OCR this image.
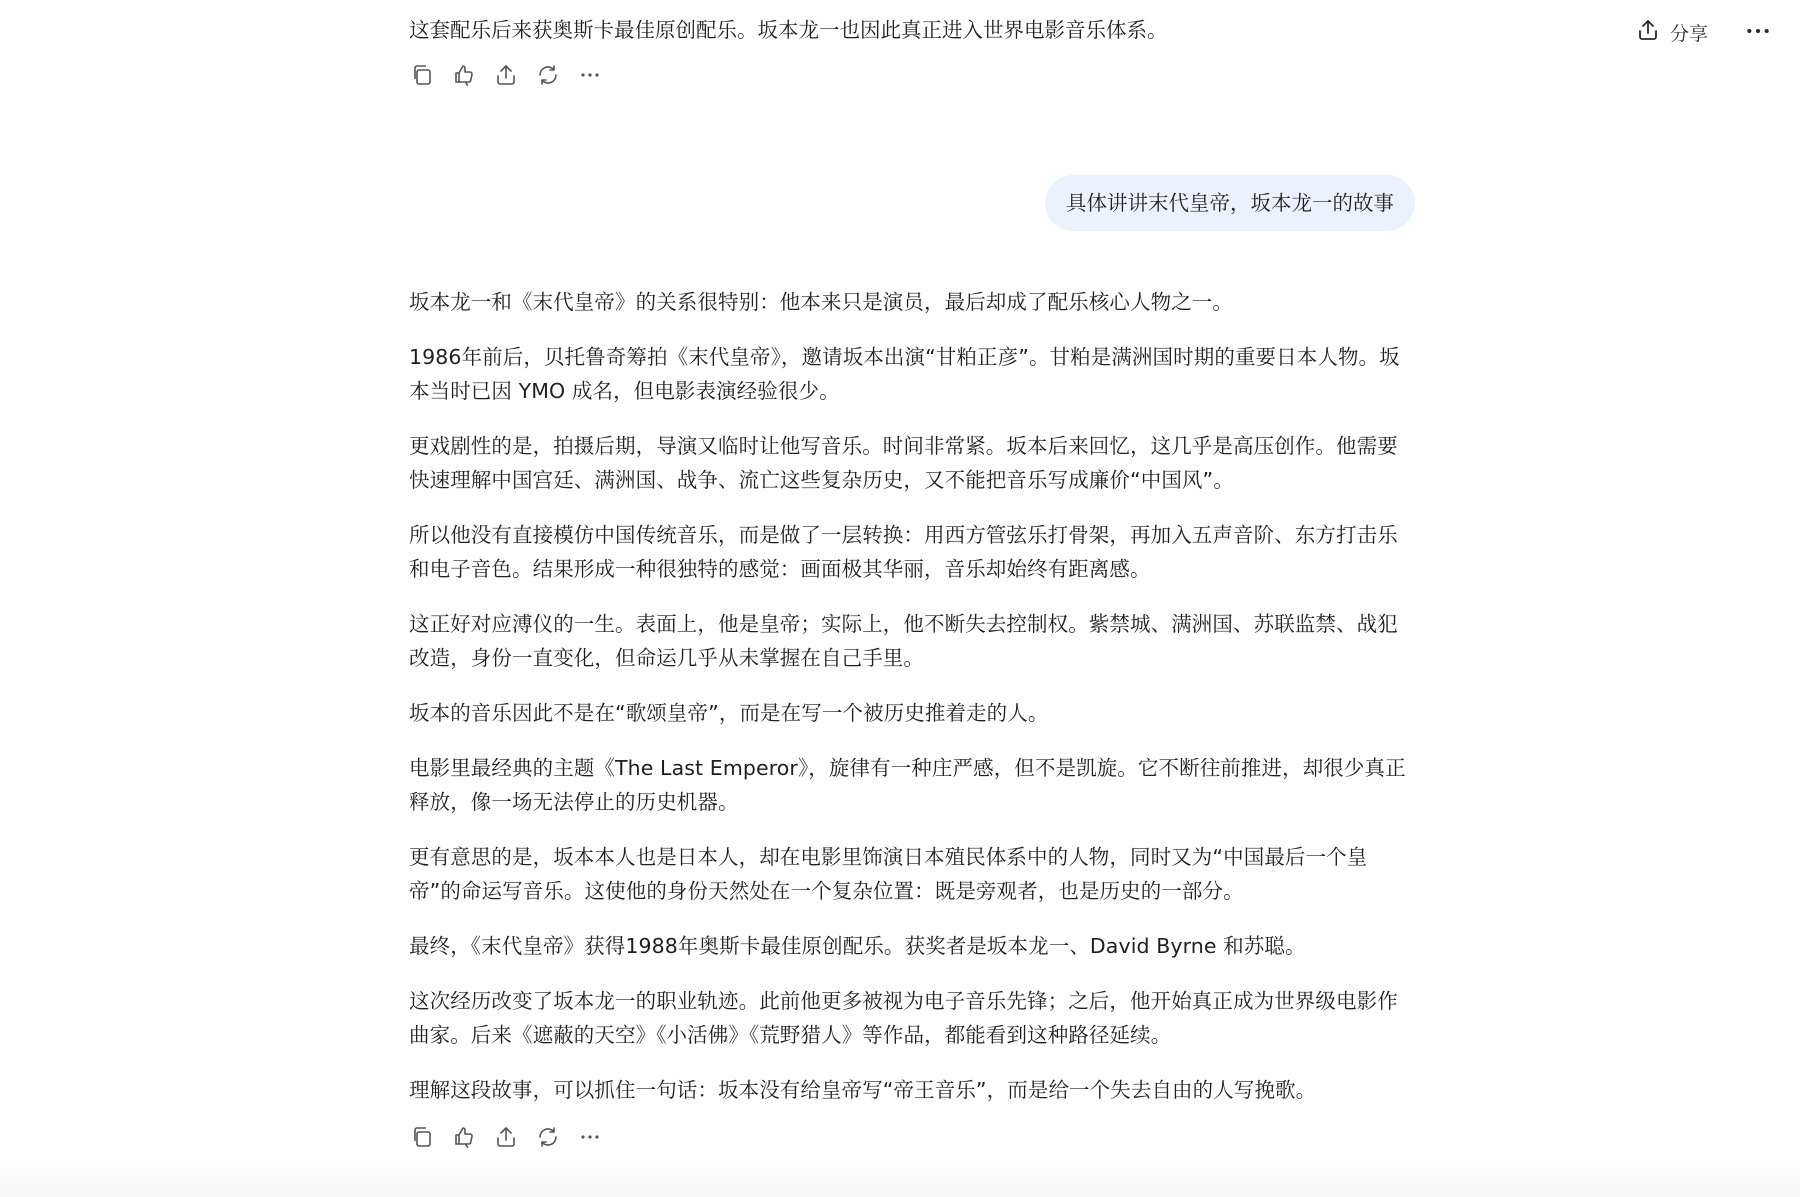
分享
这套配乐后来获奥斯卡最佳原创配乐。坂本龙一也因此真正进入世界电影音乐体系。
具体讲讲末代皇帝，坂本龙一的故事

坂本龙一和《末代皇帝》的关系很特别：他本来只是演员，最后却成了配乐核心人物之一。

1986年前后，贝托鲁奇筹拍《末代皇帝》，邀请坂本出演“甘粕正彦”。甘粕是满洲国时期的重要日本人物。坂本当时已因 YMO 成名，但电影表演经验很少。

更戏剧性的是，拍摄后期，导演又临时让他写音乐。时间非常紧。坂本后来回忆，这几乎是高压创作。他需要快速理解中国宫廷、满洲国、战争、流亡这些复杂历史，又不能把音乐写成廉价“中国风”。

所以他没有直接模仿中国传统音乐，而是做了一层转换：用西方管弦乐打骨架，再加入五声音阶、东方打击乐和电子音色。结果形成一种很独特的感觉：画面极其华丽，音乐却始终有距离感。

这正好对应溥仪的一生。表面上，他是皇帝；实际上，他不断失去控制权。紫禁城、满洲国、苏联监禁、战犯改造，身份一直变化，但命运几乎从未掌握在自己手里。

坂本的音乐因此不是在“歌颂皇帝”，而是在写一个被历史推着走的人。

电影里最经典的主题《The Last Emperor》，旋律有一种庄严感，但不是凯旋。它不断往前推进，却很少真正释放，像一场无法停止的历史机器。

更有意思的是，坂本本人也是日本人，却在电影里饰演日本殖民体系中的人物，同时又为“中国最后一个皇帝”的命运写音乐。这使他的身份天然处在一个复杂位置：既是旁观者，也是历史的一部分。

最终，《末代皇帝》获得1988年奥斯卡最佳原创配乐。获奖者是坂本龙一、David Byrne 和苏聪。

这次经历改变了坂本龙一的职业轨迹。此前他更多被视为电子音乐先锋；之后，他开始真正成为世界级电影作曲家。后来《遮蔽的天空》《小活佛》《荒野猎人》等作品，都能看到这种路径延续。

理解这段故事，可以抓住一句话：坂本没有给皇帝写“帝王音乐”，而是给一个失去自由的人写挽歌。
